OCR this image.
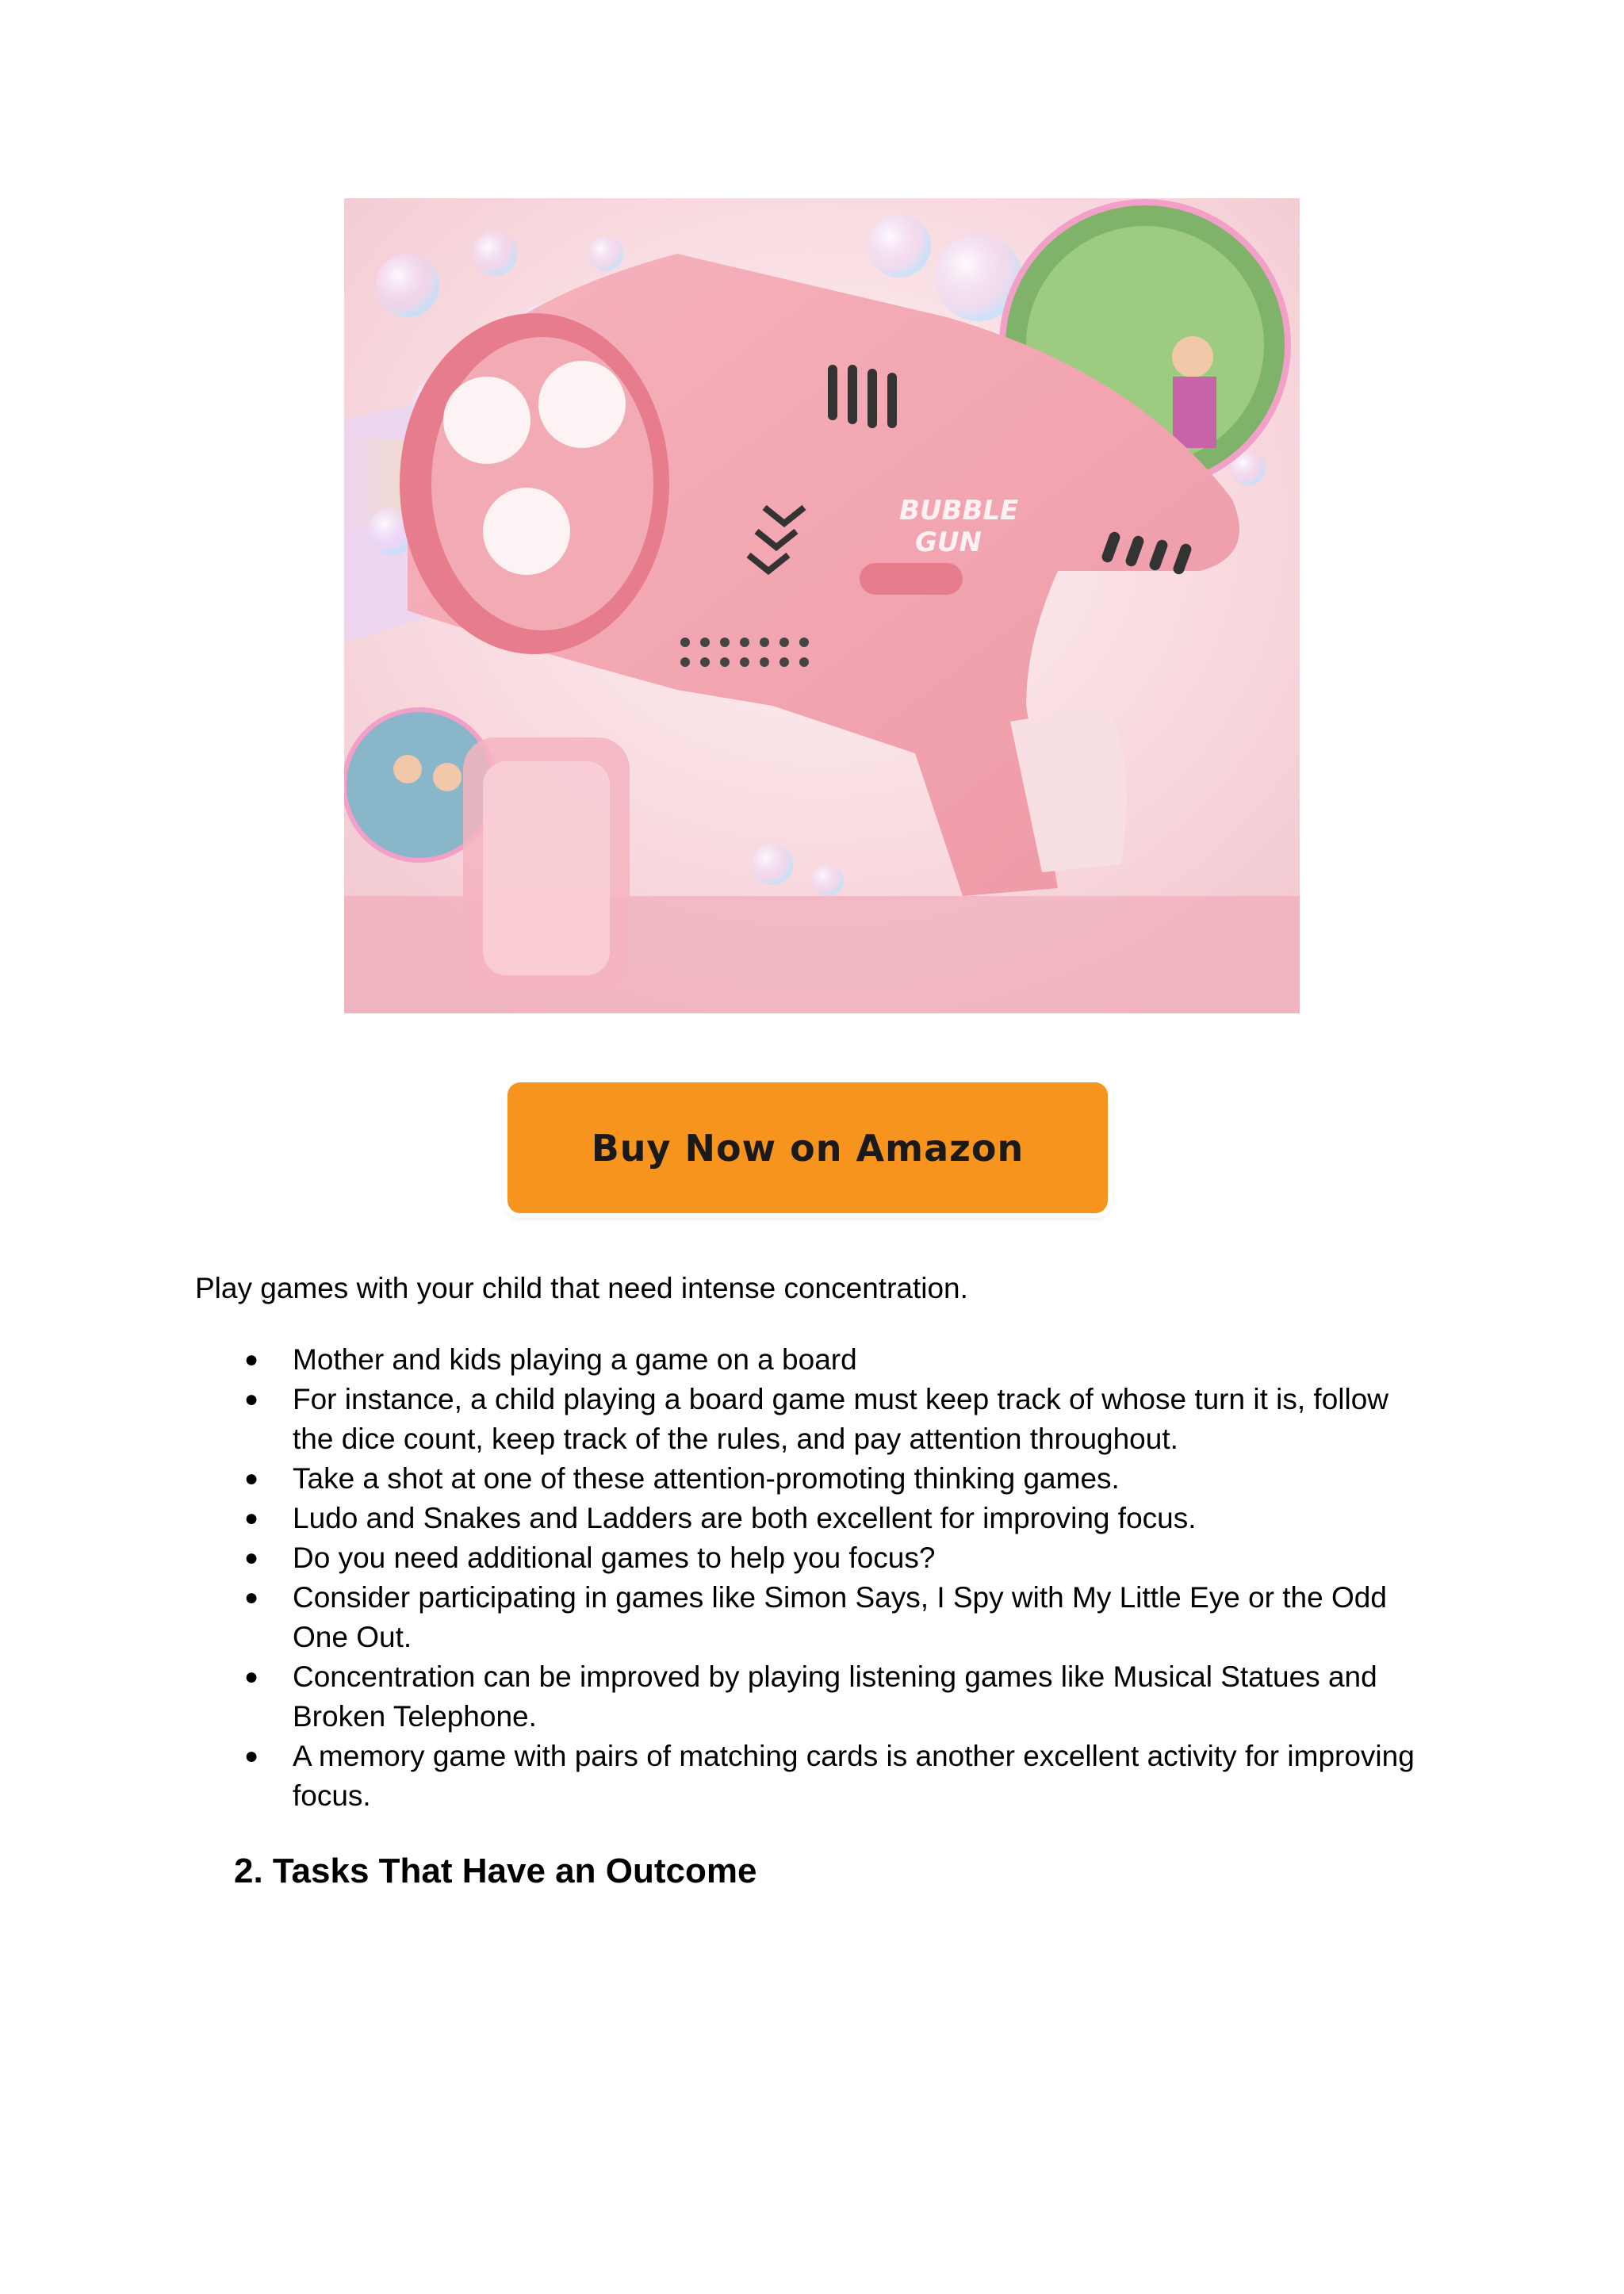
BUBBLE
GUN
Buy Now on Amazon

Play games with your child that need intense concentration.

● Mother and kids playing a game on a board
● For instance, a child playing a board game must keep track of whose turn it is, follow the dice count, keep track of the rules, and pay attention throughout.
● Take a shot at one of these attention-promoting thinking games.
● Ludo and Snakes and Ladders are both excellent for improving focus.
● Do you need additional games to help you focus?
● Consider participating in games like Simon Says, I Spy with My Little Eye or the Odd One Out.
● Concentration can be improved by playing listening games like Musical Statues and Broken Telephone.
● A memory game with pairs of matching cards is another excellent activity for improving focus.
2. Tasks That Have an Outcome
